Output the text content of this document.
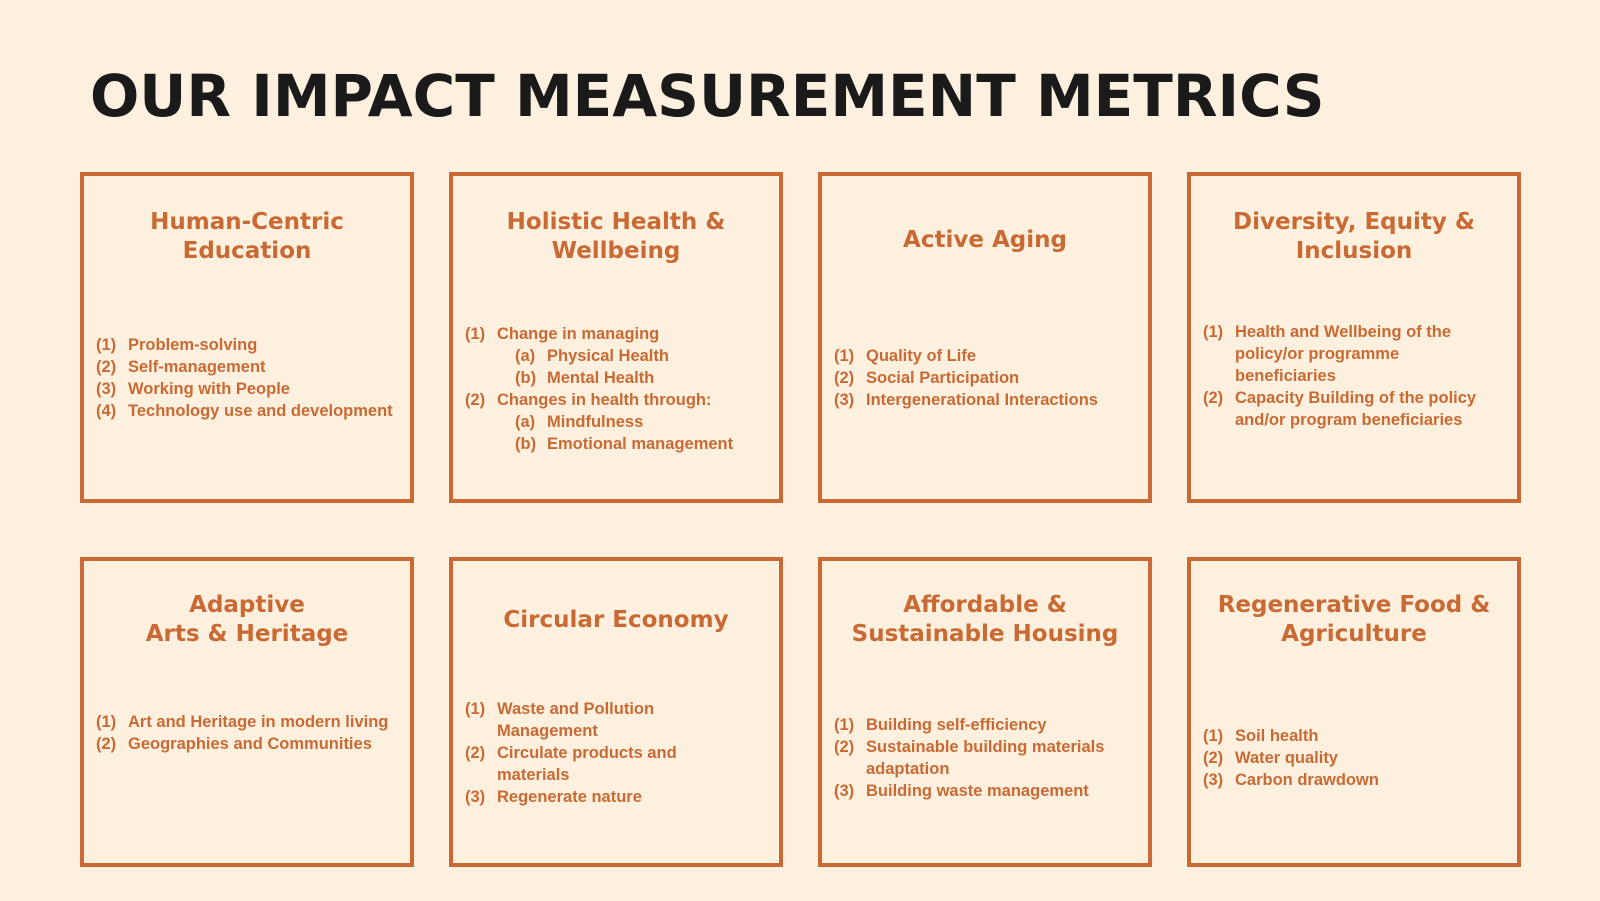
OUR IMPACT MEASUREMENT METRICS
Human-Centric
Education
(1) Problem-solving
(2) Self-management
(3) Working with People
(4) Technology use and development
Holistic Health &
Wellbeing
(1) Change in managing
(a) Physical Health
(b) Mental Health
(2) Changes in health through:
(a) Mindfulness
(b) Emotional management
Active Aging
(1) Quality of Life
(2) Social Participation
(3) Intergenerational Interactions
Diversity, Equity &
Inclusion
(1) Health and Wellbeing of the policy/or programme beneficiaries
(2) Capacity Building of the policy and/or program beneficiaries
Adaptive
Arts & Heritage
(1) Art and Heritage in modern living
(2) Geographies and Communities
Circular Economy
(1) Waste and Pollution Management
(2) Circulate products and materials
(3) Regenerate nature
Affordable &
Sustainable Housing
(1) Building self-efficiency
(2) Sustainable building materials adaptation
(3) Building waste management
Regenerative Food &
Agriculture
(1) Soil health
(2) Water quality
(3) Carbon drawdown
